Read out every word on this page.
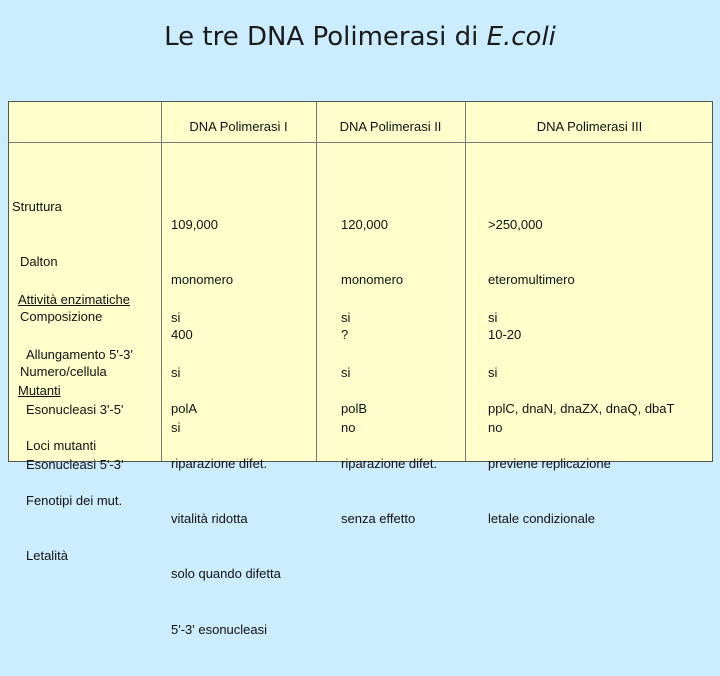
Le tre DNA Polimerasi di E.coli
DNA Polimerasi I	DNA Polimerasi II	DNA Polimerasi III

Struttura

Dalton

Composizione

Numero/cellula

109,000

monomero

400

120,000

monomero

?

>250,000

eteromultimero

10-20

Attività enzimatiche

Allungamento 5'-3'

Esonucleasi 3'-5'

Esonucleasi 5'-3'

si

si

si

si

si

no

si

si

no

Mutanti

Loci mutanti

Fenotipi dei mut.

Letalità

polA

riparazione difet.

vitalità ridotta

solo quando difetta

5'-3' esonucleasi

polB

riparazione difet.

senza effetto

pplC, dnaN, dnaZX, dnaQ, dbaT

previene replicazione

letale condizionale
